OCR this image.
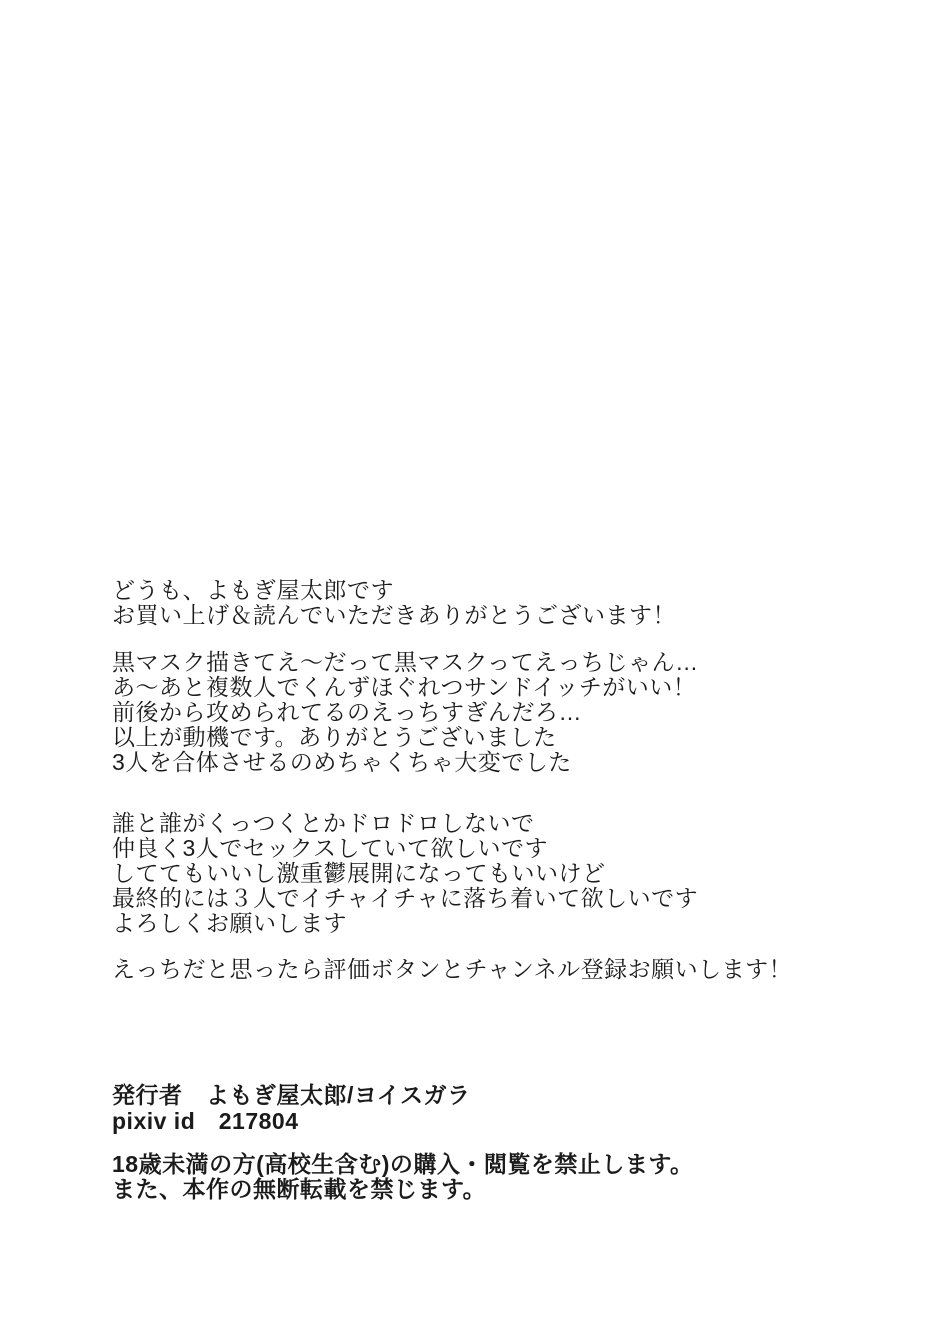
どうも、よもぎ屋太郎です
お買い上げ＆読んでいただきありがとうございます！

黒マスク描きてえ〜だって黒マスクってえっちじゃん…
あ〜あと複数人でくんずほぐれつサンドイッチがいい！
前後から攻められてるのえっちすぎんだろ…
以上が動機です。ありがとうございました
3人を合体させるのめちゃくちゃ大変でした

誰と誰がくっつくとかドロドロしないで
仲良く3人でセックスしていて欲しいです
しててもいいし激重鬱展開になってもいいけど
最終的には３人でイチャイチャに落ち着いて欲しいです
よろしくお願いします

えっちだと思ったら評価ボタンとチャンネル登録お願いします！

発行者　よもぎ屋太郎/ヨイスガラ
pixiv id　217804

18歳未満の方(高校生含む)の購入・閲覧を禁止します。
また、本作の無断転載を禁じます。
